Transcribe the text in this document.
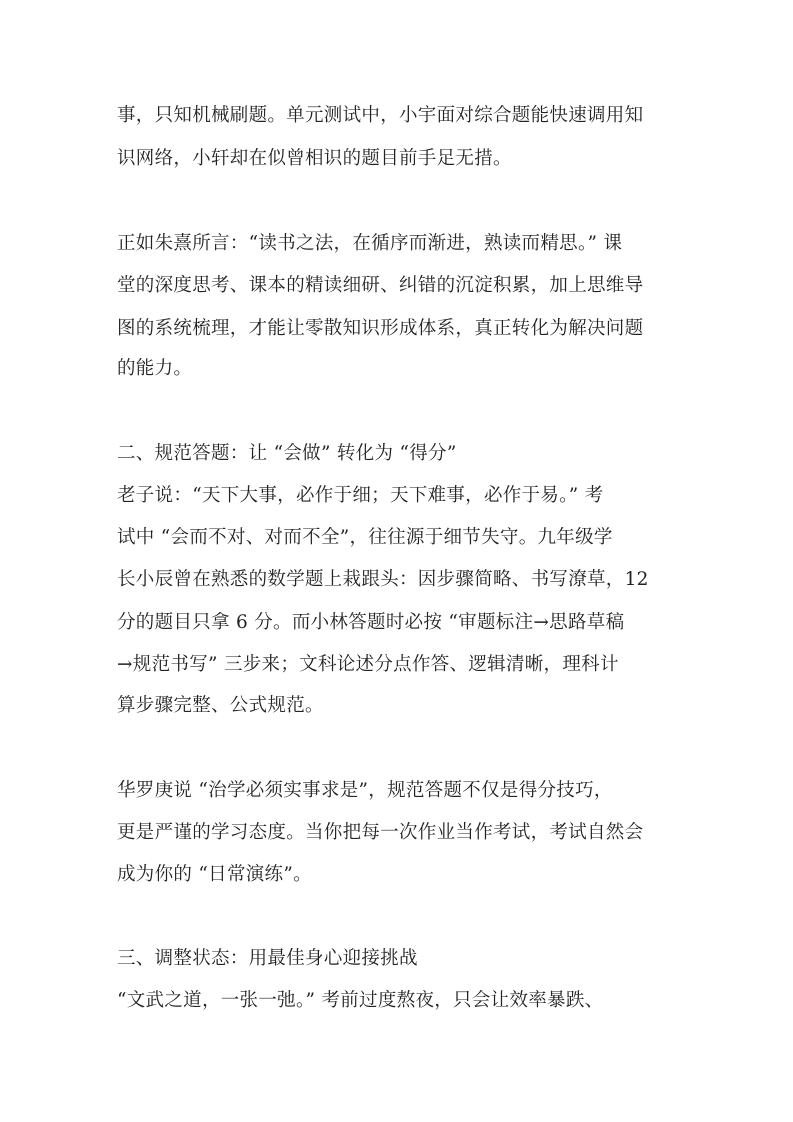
事，只知机械刷题。单元测试中，小宇面对综合题能快速调用知
识网络，小轩却在似曾相识的题目前手足无措。
正如朱熹所言：“读书之法，在循序而渐进，熟读而精思。” 课
堂的深度思考、课本的精读细研、纠错的沉淀积累，加上思维导
图的系统梳理，才能让零散知识形成体系，真正转化为解决问题
的能力。
二、规范答题：让 “会做” 转化为 “得分”
老子说：“天下大事，必作于细；天下难事，必作于易。” 考
试中 “会而不对、对而不全”，往往源于细节失守。九年级学
长小辰曾在熟悉的数学题上栽跟头：因步骤简略、书写潦草，12
分的题目只拿 6 分。而小林答题时必按 “审题标注→思路草稿
→规范书写” 三步来；文科论述分点作答、逻辑清晰，理科计
算步骤完整、公式规范。
华罗庚说 “治学必须实事求是”，规范答题不仅是得分技巧，
更是严谨的学习态度。当你把每一次作业当作考试，考试自然会
成为你的 “日常演练”。
三、调整状态：用最佳身心迎接挑战
“文武之道，一张一弛。” 考前过度熬夜，只会让效率暴跌、
